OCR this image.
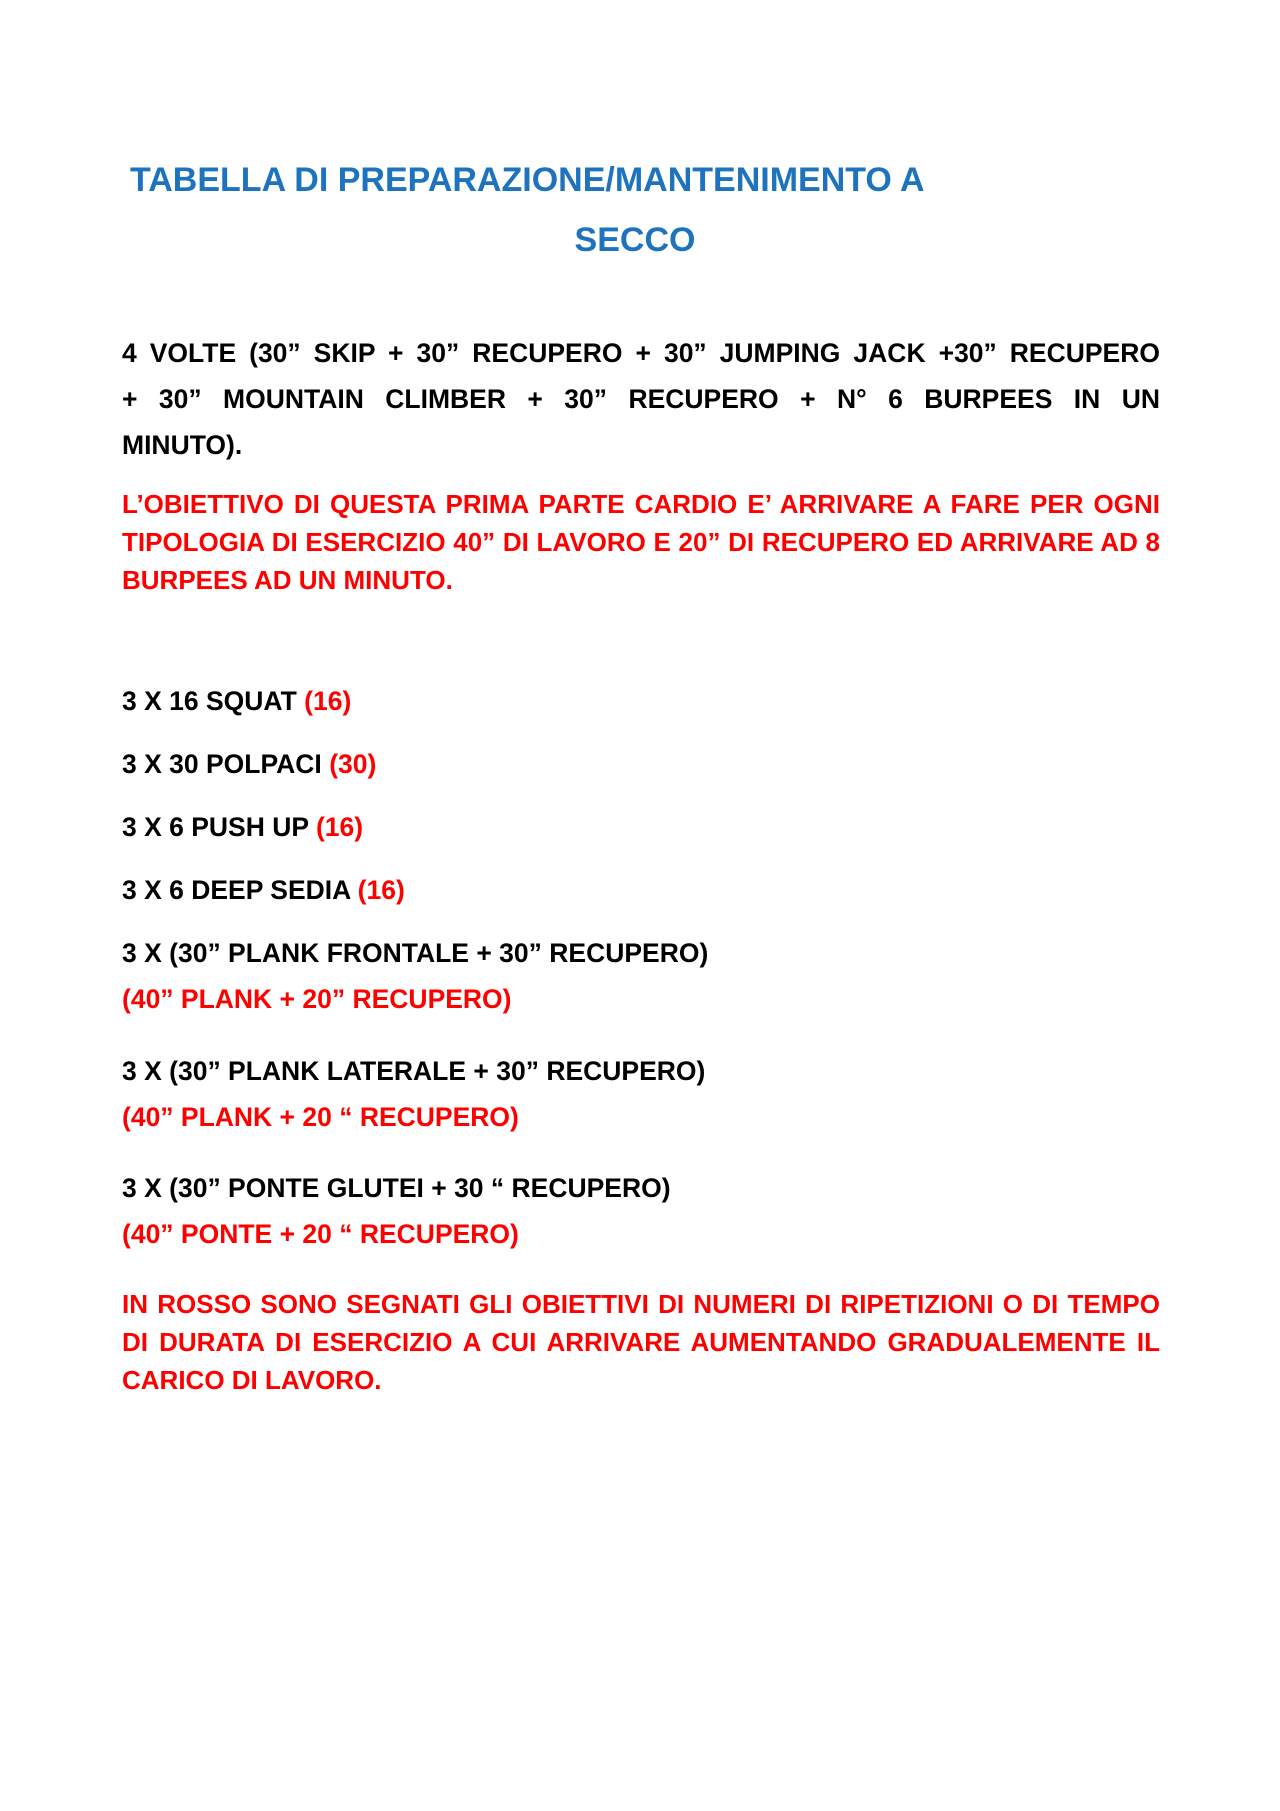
TABELLA DI PREPARAZIONE/MANTENIMENTO A
SECCO

4 VOLTE (30” SKIP + 30” RECUPERO + 30” JUMPING JACK +30” RECUPERO + 30” MOUNTAIN CLIMBER + 30” RECUPERO + N° 6 BURPEES IN UN MINUTO).

L’OBIETTIVO DI QUESTA PRIMA PARTE CARDIO E’ ARRIVARE A FARE PER OGNI TIPOLOGIA DI ESERCIZIO 40” DI LAVORO E 20” DI RECUPERO ED ARRIVARE AD 8 BURPEES AD UN MINUTO.

3 X 16 SQUAT (16)

3 X 30 POLPACI (30)

3 X 6 PUSH UP (16)

3 X 6 DEEP SEDIA (16)

3 X (30” PLANK FRONTALE + 30” RECUPERO)

(40” PLANK + 20” RECUPERO)

3 X (30” PLANK LATERALE + 30” RECUPERO)

(40” PLANK + 20 “ RECUPERO)

3 X (30” PONTE GLUTEI + 30 “ RECUPERO)

(40” PONTE + 20 “ RECUPERO)

IN ROSSO SONO SEGNATI GLI OBIETTIVI DI NUMERI DI RIPETIZIONI O DI TEMPO DI DURATA DI ESERCIZIO A CUI ARRIVARE AUMENTANDO GRADUALEMENTE IL CARICO DI LAVORO.
